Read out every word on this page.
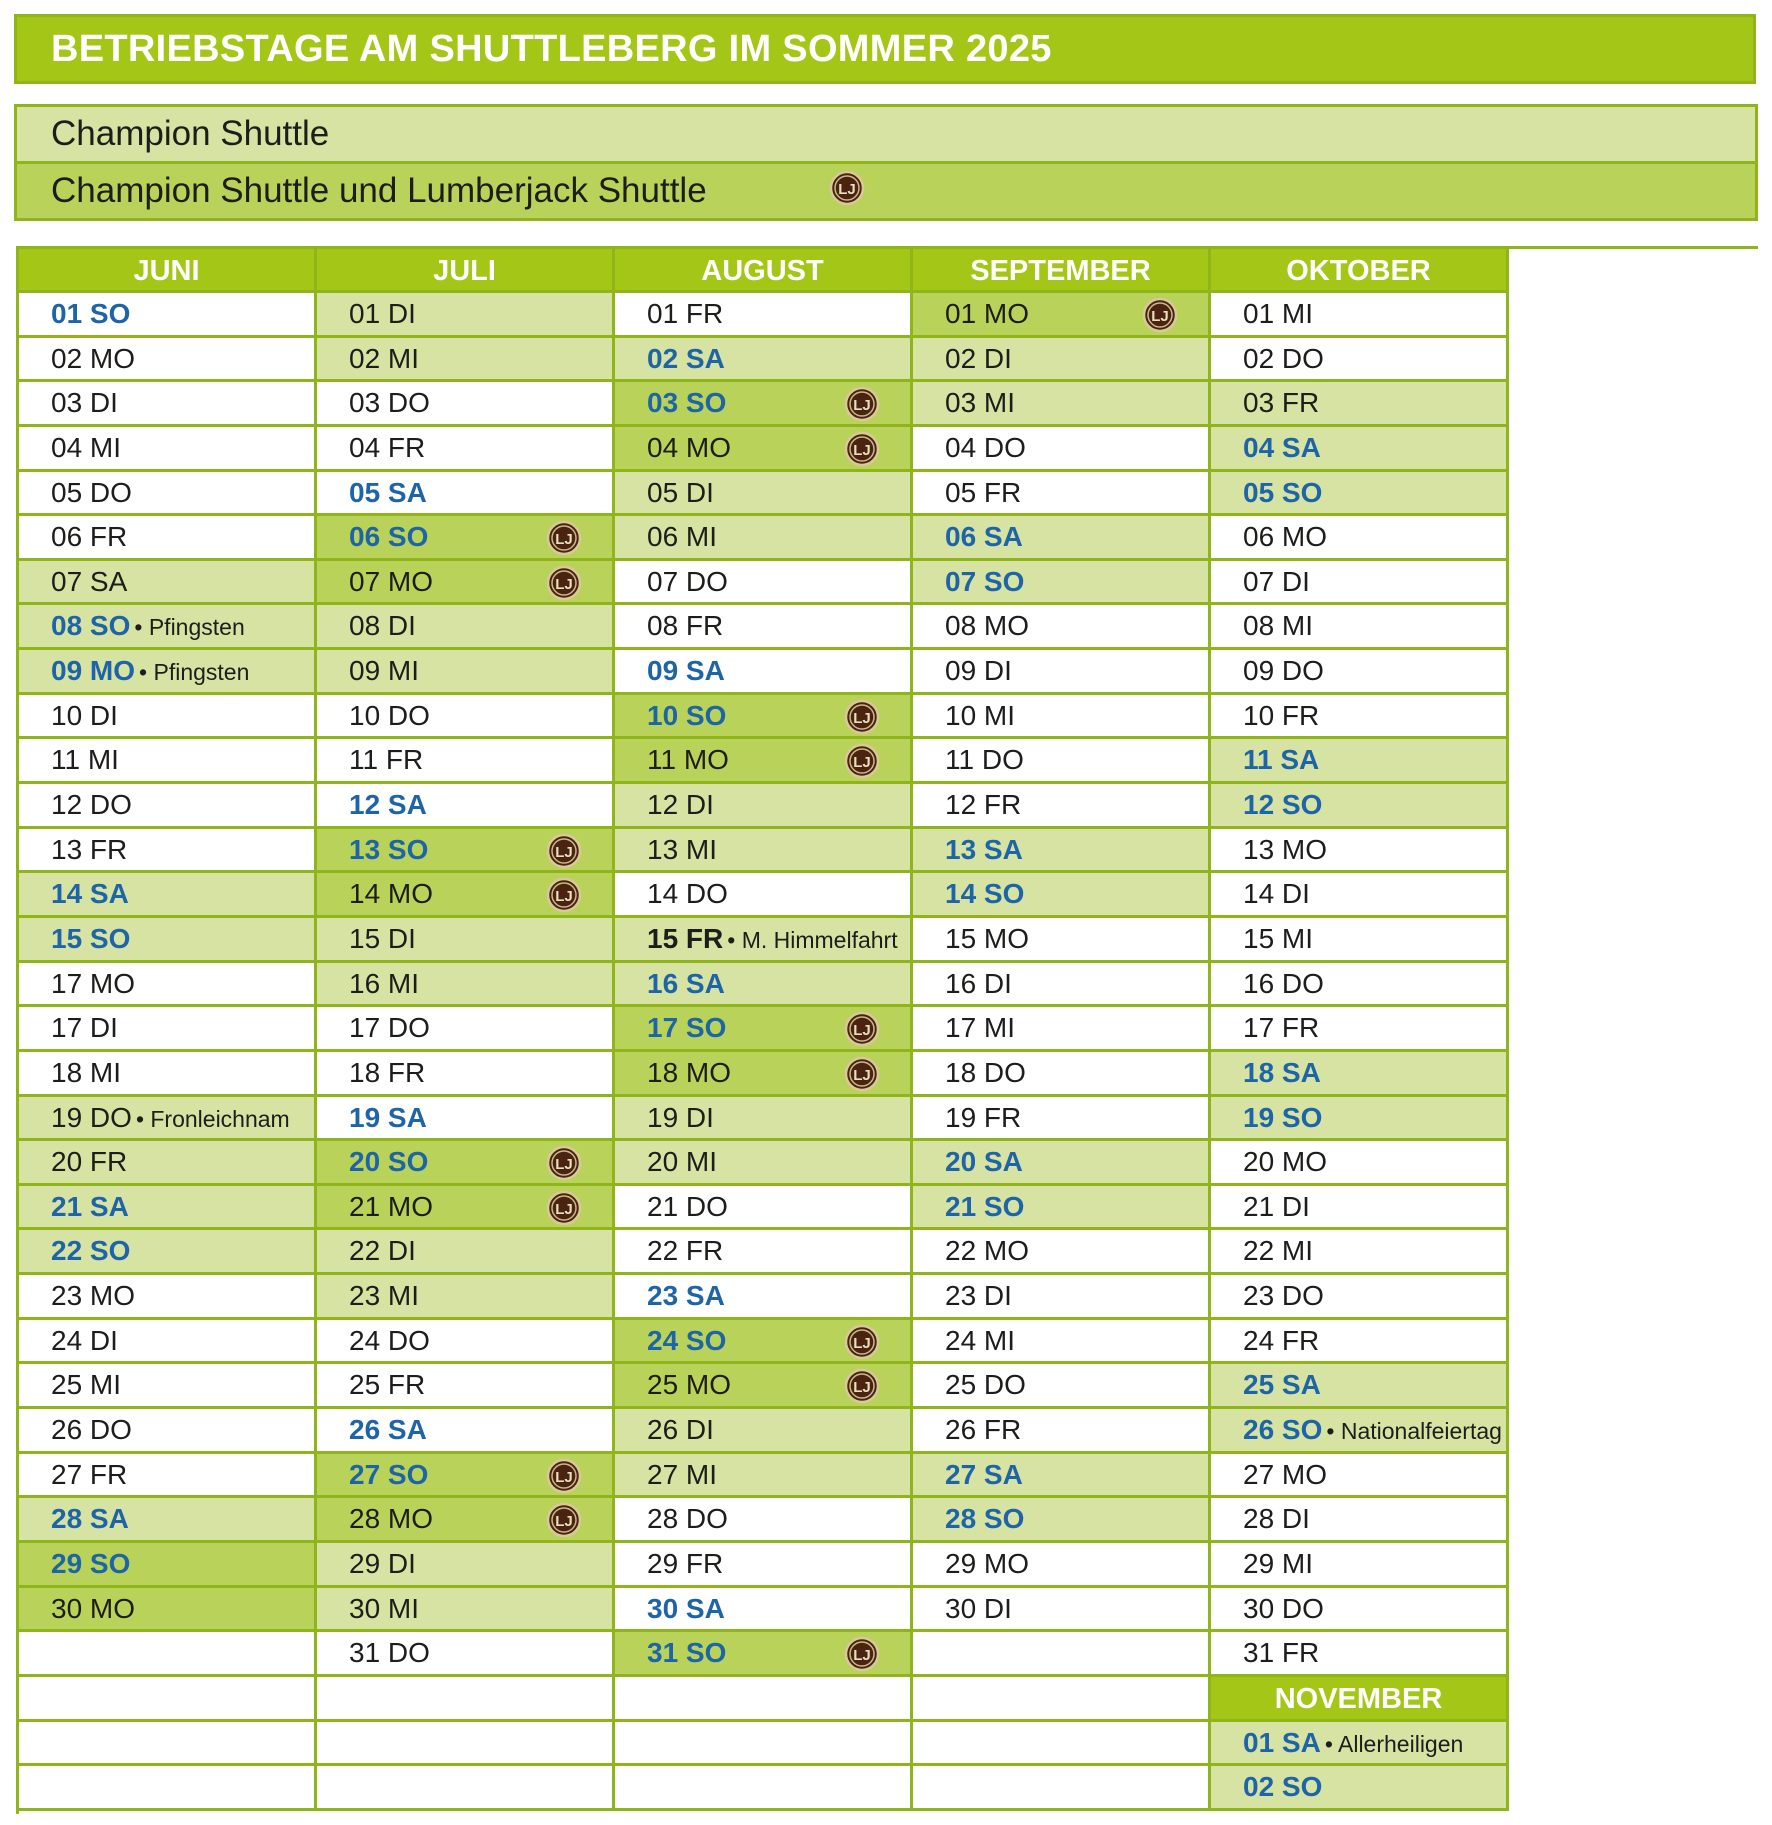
BETRIEBSTAGE AM SHUTTLEBERG IM SOMMER 2025
Champion Shuttle
Champion Shuttle und Lumberjack Shuttle	LJ
JUNI
01 SO
02 MO
03 DI
04 MI
05 DO
06 FR
07 SA
08 SO • Pfingsten
09 MO • Pfingsten
10 DI
11 MI
12 DO
13 FR
14 SA
15 SO
17 MO
17 DI
18 MI
19 DO • Fronleichnam
20 FR
21 SA
22 SO
23 MO
24 DI
25 MI
26 DO
27 FR
28 SA
29 SO
30 MO
JULI
01 DI
02 MI
03 DO
04 FR
05 SA
06 SO	LJ
07 MO	LJ
08 DI
09 MI
10 DO
11 FR
12 SA
13 SO	LJ
14 MO	LJ
15 DI
16 MI
17 DO
18 FR
19 SA
20 SO	LJ
21 MO	LJ
22 DI
23 MI
24 DO
25 FR
26 SA
27 SO	LJ
28 MO	LJ
29 DI
30 MI
31 DO
AUGUST
01 FR
02 SA
03 SO	LJ
04 MO	LJ
05 DI
06 MI
07 DO
08 FR
09 SA
10 SO	LJ
11 MO	LJ
12 DI
13 MI
14 DO
15 FR • M. Himmelfahrt
16 SA
17 SO	LJ
18 MO	LJ
19 DI
20 MI
21 DO
22 FR
23 SA
24 SO	LJ
25 MO	LJ
26 DI
27 MI
28 DO
29 FR
30 SA
31 SO	LJ
SEPTEMBER
01 MO	LJ
02 DI
03 MI
04 DO
05 FR
06 SA
07 SO
08 MO
09 DI
10 MI
11 DO
12 FR
13 SA
14 SO
15 MO
16 DI
17 MI
18 DO
19 FR
20 SA
21 SO
22 MO
23 DI
24 MI
25 DO
26 FR
27 SA
28 SO
29 MO
30 DI
OKTOBER
01 MI
02 DO
03 FR
04 SA
05 SO
06 MO
07 DI
08 MI
09 DO
10 FR
11 SA
12 SO
13 MO
14 DI
15 MI
16 DO
17 FR
18 SA
19 SO
20 MO
21 DI
22 MI
23 DO
24 FR
25 SA
26 SO • Nationalfeiertag
27 MO
28 DI
29 MI
30 DO
31 FR
NOVEMBER
01 SA • Allerheiligen
02 SO
